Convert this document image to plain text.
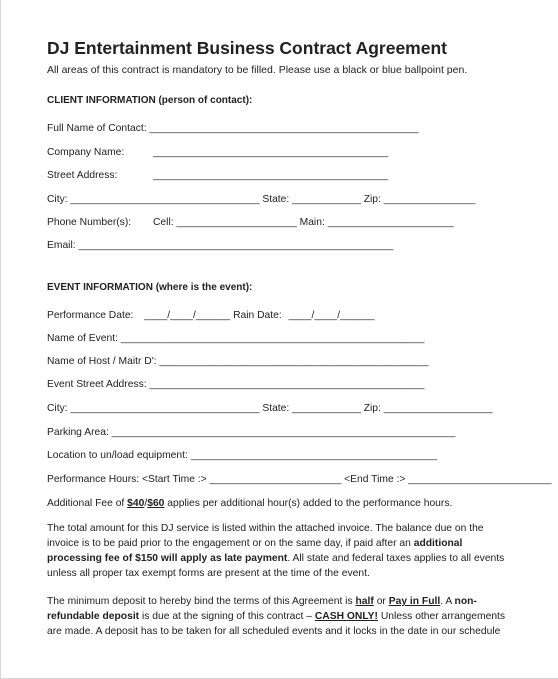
DJ Entertainment Business Contract Agreement
All areas of this contract is mandatory to be filled. Please use a black or blue ballpoint pen.
CLIENT INFORMATION (person of contact):
Full Name of Contact: _______________________________________________
Company Name:	_________________________________________
Street Address:	_________________________________________
City: _________________________________ State: ____________ Zip: ________________
Phone Number(s): Cell: _____________________ Main: ______________________
Email: _______________________________________________________
EVENT INFORMATION (where is the event):
Performance Date: ____/____/______ Rain Date: ____/____/______
Name of Event: _____________________________________________________
Name of Host / Maitr D': _______________________________________________
Event Street Address: ________________________________________________
City: _________________________________ State: ____________ Zip: ___________________
Parking Area: ____________________________________________________________
Location to un/load equipment: ___________________________________________
Performance Hours: <Start Time :> _______________________ <End Time :> _________________________
Additional Fee of $40/$60 applies per additional hour(s) added to the performance hours.
The total amount for this DJ service is listed within the attached invoice. The balance due on the
invoice is to be paid prior to the engagement or on the same day, if paid after an additional
processing fee of $150 will apply as late payment. All state and federal taxes applies to all events
unless all proper tax exempt forms are present at the time of the event.
The minimum deposit to hereby bind the terms of this Agreement is half or Pay in Full. A non-
refundable deposit is due at the signing of this contract – CASH ONLY! Unless other arrangements
are made. A deposit has to be taken for all scheduled events and it locks in the date in our schedule
